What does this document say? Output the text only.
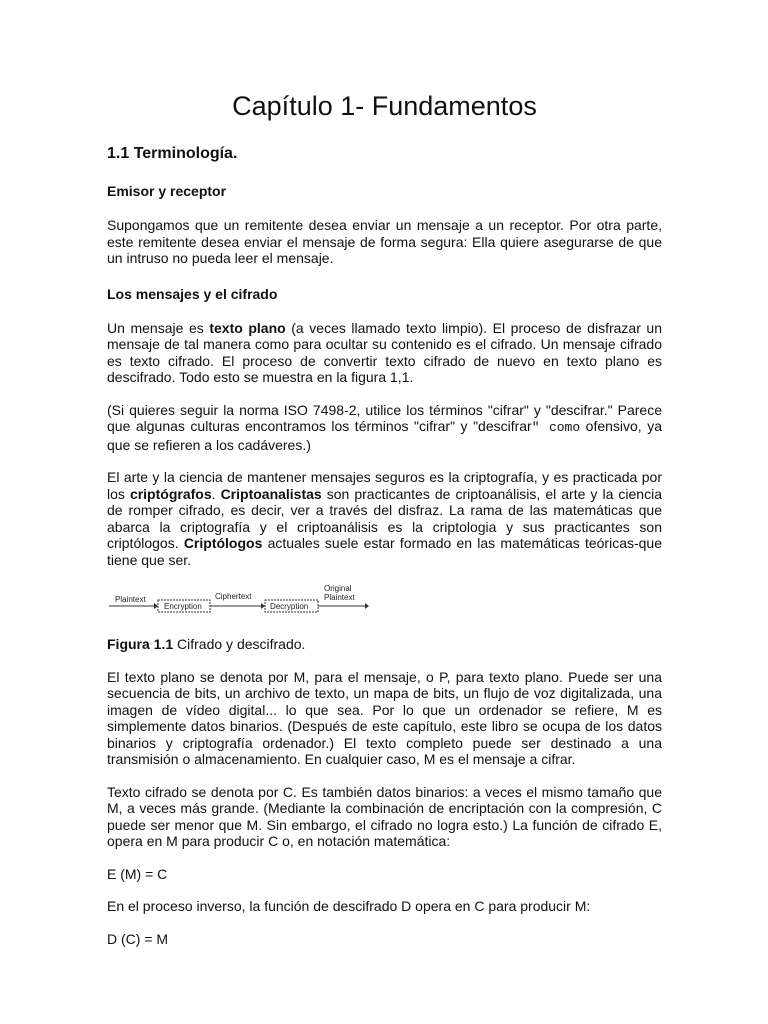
Capítulo 1- Fundamentos
1.1 Terminología.
Emisor y receptor

Supongamos que un remitente desea enviar un mensaje a un receptor. Por otra parte, este remitente desea enviar el mensaje de forma segura: Ella quiere asegurarse de que un intruso no pueda leer el mensaje.

Los mensajes y el cifrado

Un mensaje es texto plano (a veces llamado texto limpio). El proceso de disfrazar un mensaje de tal manera como para ocultar su contenido es el cifrado. Un mensaje cifrado es texto cifrado. El proceso de convertir texto cifrado de nuevo en texto plano es descifrado. Todo esto se muestra en la figura 1,1.

(Si quieres seguir la norma ISO 7498-2, utilice los términos "cifrar" y "descifrar." Parece que algunas culturas encontramos los términos "cifrar" y "descifrar" como ofensivo, ya que se refieren a los cadáveres.)

El arte y la ciencia de mantener mensajes seguros es la criptografía, y es practicada por los criptógrafos. Criptoanalistas son practicantes de criptoanálisis, el arte y la ciencia de romper cifrado, es decir, ver a través del disfraz. La rama de las matemáticas que abarca la criptografía y el criptoanálisis es la criptologia y sus practicantes son criptólogos. Criptólogos actuales suele estar formado en las matemáticas teóricas-que tiene que ser.

Plaintext	Ciphertext
Original
Plaintext
Encryption	Decryption

Figura 1.1 Cifrado y descifrado.

El texto plano se denota por M, para el mensaje, o P, para texto plano. Puede ser una secuencia de bits, un archivo de texto, un mapa de bits, un flujo de voz digitalizada, una imagen de vídeo digital... lo que sea. Por lo que un ordenador se refiere, M es simplemente datos binarios. (Después de este capítulo, este libro se ocupa de los datos binarios y criptografía ordenador.) El texto completo puede ser destinado a una transmisión o almacenamiento. En cualquier caso, M es el mensaje a cifrar.

Texto cifrado se denota por C. Es también datos binarios: a veces el mismo tamaño que M, a veces más grande. (Mediante la combinación de encriptación con la compresión, C puede ser menor que M. Sin embargo, el cifrado no logra esto.) La función de cifrado E, opera en M para producir C o, en notación matemática:

E (M) = C

En el proceso inverso, la función de descifrado D opera en C para producir M:

D (C) = M
